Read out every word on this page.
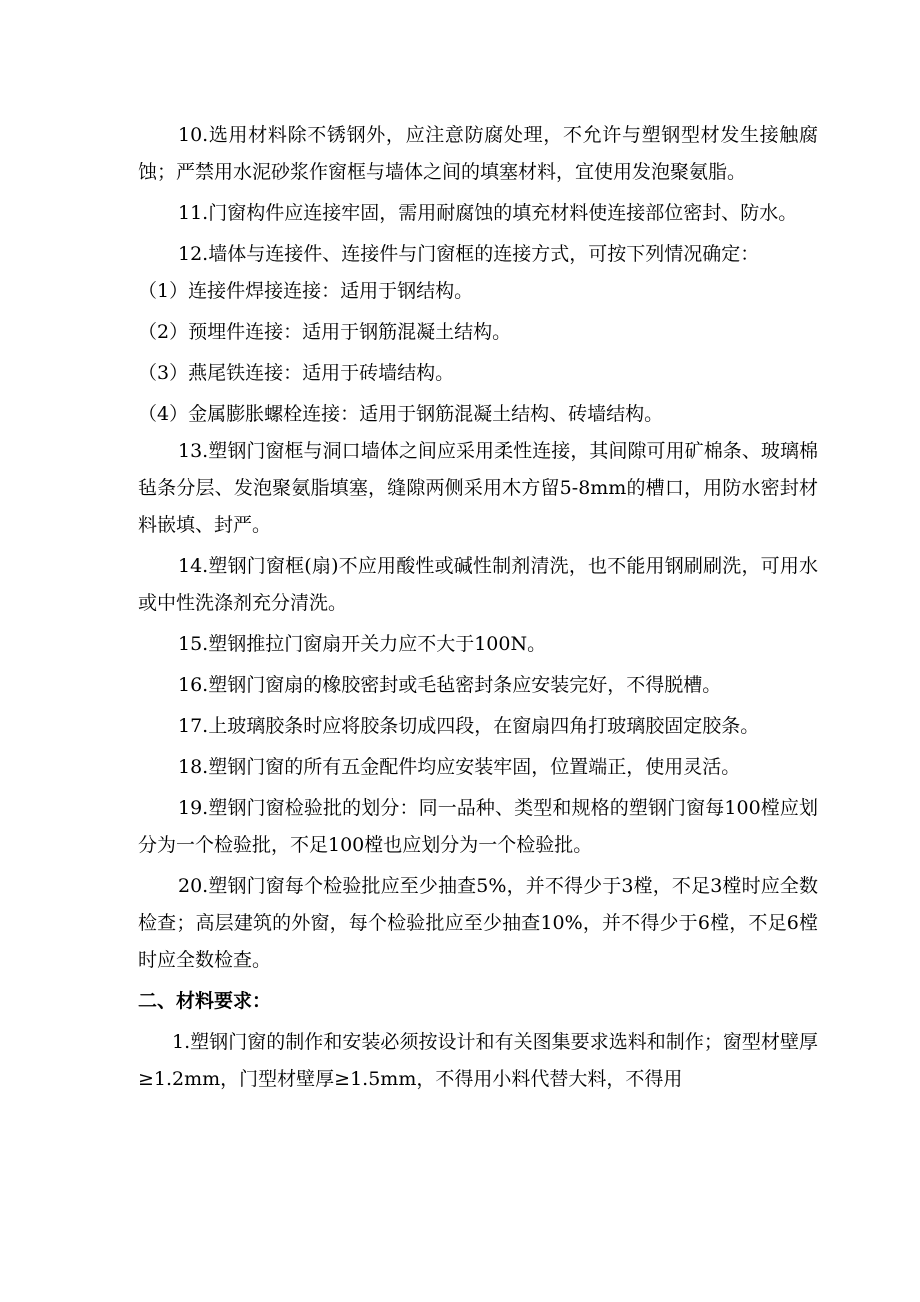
10.选用材料除不锈钢外，应注意防腐处理，不允许与塑钢型材发生接触腐蚀；严禁用水泥砂浆作窗框与墙体之间的填塞材料，宜使用发泡聚氨脂。

11.门窗构件应连接牢固，需用耐腐蚀的填充材料使连接部位密封、防水。

12.墙体与连接件、连接件与门窗框的连接方式，可按下列情况确定：

（1）连接件焊接连接：适用于钢结构。

（2）预埋件连接：适用于钢筋混凝土结构。

（3）燕尾铁连接：适用于砖墙结构。

（4）金属膨胀螺栓连接：适用于钢筋混凝土结构、砖墙结构。

13.塑钢门窗框与洞口墙体之间应采用柔性连接，其间隙可用矿棉条、玻璃棉毡条分层、发泡聚氨脂填塞，缝隙两侧采用木方留5-8mm的槽口，用防水密封材料嵌填、封严。

14.塑钢门窗框(扇)不应用酸性或碱性制剂清洗，也不能用钢刷刷洗，可用水或中性洗涤剂充分清洗。

15.塑钢推拉门窗扇开关力应不大于100N。

16.塑钢门窗扇的橡胶密封或毛毡密封条应安装完好，不得脱槽。

17.上玻璃胶条时应将胶条切成四段，在窗扇四角打玻璃胶固定胶条。

18.塑钢门窗的所有五金配件均应安装牢固，位置端正，使用灵活。

19.塑钢门窗检验批的划分：同一品种、类型和规格的塑钢门窗每100樘应划分为一个检验批，不足100樘也应划分为一个检验批。

20.塑钢门窗每个检验批应至少抽查5%，并不得少于3樘，不足3樘时应全数检查；高层建筑的外窗，每个检验批应至少抽查10%，并不得少于6樘，不足6樘时应全数检查。

二、材料要求：

1.塑钢门窗的制作和安装必须按设计和有关图集要求选料和制作；窗型材壁厚≥1.2mm，门型材壁厚≥1.5mm，不得用小料代替大料，不得用
